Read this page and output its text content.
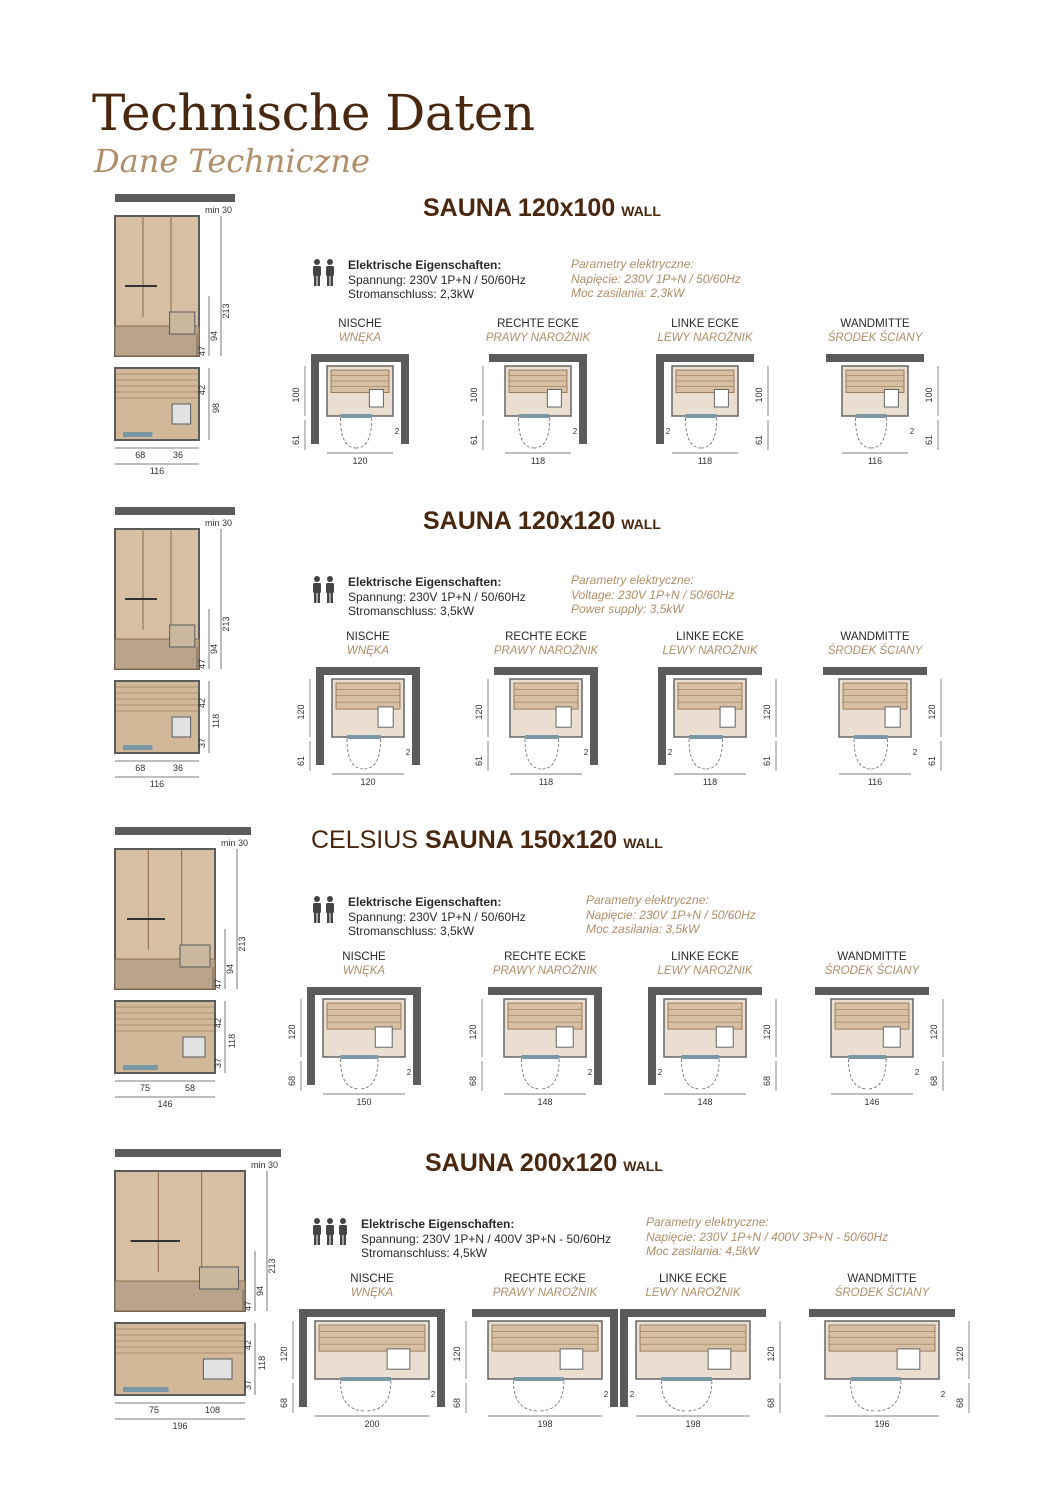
Technische Daten
Dane Techniczne
min 30
213
94
47
98
42
68	36
116
SAUNA 120x100 WALL
Elektrische Eigenschaften:
Spannung: 230V 1P+N / 50/60Hz
Stromanschluss: 2,3kW
Parametry elektryczne:
Napięcie: 230V 1P+N / 50/60Hz
Moc zasilania: 2,3kW
NISCHE
WNĘKA
100
61
120
2
RECHTE ECKE
PRAWY NAROŻNIK
100
61
118
2
LINKE ECKE
LEWY NAROŻNIK
100
61
118
2
WANDMITTE
ŚRODEK ŚCIANY
100
61
116
2
min 30
213
94
47
118
42
37
68	36
116
SAUNA 120x120 WALL
Elektrische Eigenschaften:
Spannung: 230V 1P+N / 50/60Hz
Stromanschluss: 3,5kW
Parametry elektryczne:
Voltage: 230V 1P+N / 50/60Hz
Power supply: 3,5kW
NISCHE
WNĘKA
120
61
120
2
RECHTE ECKE
PRAWY NAROŻNIK
120
61
118
2
LINKE ECKE
LEWY NAROŻNIK
120
61
118
2
WANDMITTE
ŚRODEK ŚCIANY
120
61
116
2
min 30
213
94
47
118
42
37
75	58
146
CELSIUS SAUNA 150x120 WALL
Elektrische Eigenschaften:
Spannung: 230V 1P+N / 50/60Hz
Stromanschluss: 3,5kW
Parametry elektryczne:
Napięcie: 230V 1P+N / 50/60Hz
Moc zasilania: 3,5kW
NISCHE
WNĘKA
120
68
150
2
RECHTE ECKE
PRAWY NAROŻNIK
120
68
148
2
LINKE ECKE
LEWY NAROŻNIK
120
68
148
2
WANDMITTE
ŚRODEK ŚCIANY
120
68
146
2
min 30
213
94
47
118
42
37
75	108
196
SAUNA 200x120 WALL
Elektrische Eigenschaften:
Spannung: 230V 1P+N / 400V 3P+N - 50/60Hz
Stromanschluss: 4,5kW
Parametry elektryczne:
Napięcie: 230V 1P+N / 400V 3P+N - 50/60Hz
Moc zasilania: 4,5kW
NISCHE
WNĘKA
120
68
200
2
RECHTE ECKE
PRAWY NAROŻNIK
120
68
198
2
LINKE ECKE
LEWY NAROŻNIK
120
68
198
2
WANDMITTE
ŚRODEK ŚCIANY
120
68
196
2
